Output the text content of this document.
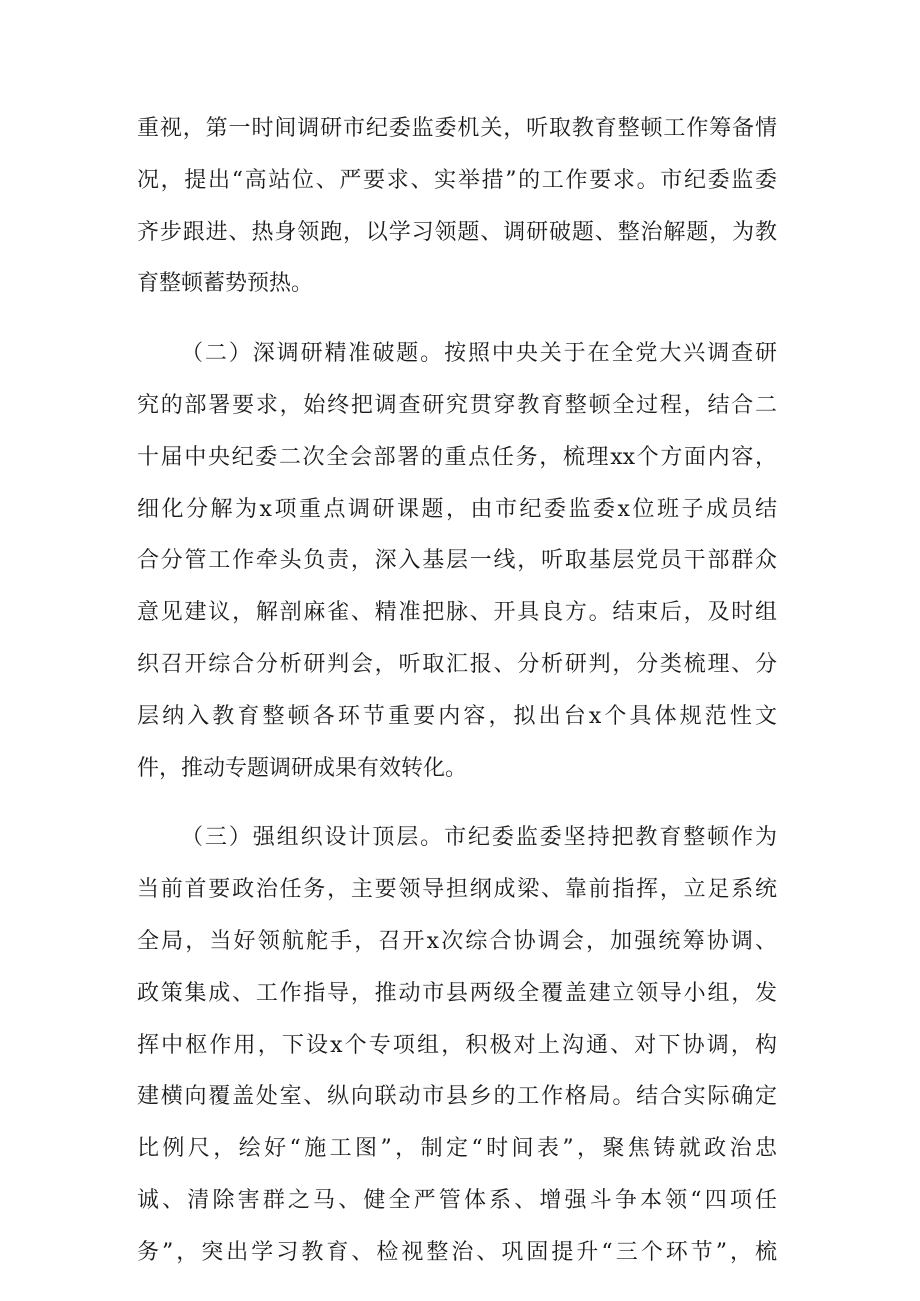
重视，第一时间调研市纪委监委机关，听取教育整顿工作筹备情
况，提出“高站位、严要求、实举措”的工作要求。市纪委监委
齐步跟进、热身领跑，以学习领题、调研破题、整治解题，为教
育整顿蓄势预热。
（二）深调研精准破题。按照中央关于在全党大兴调查研
究的部署要求，始终把调查研究贯穿教育整顿全过程，结合二
十届中央纪委二次全会部署的重点任务，梳理xx个方面内容，
细化分解为x项重点调研课题，由市纪委监委x位班子成员结
合分管工作牵头负责，深入基层一线，听取基层党员干部群众
意见建议，解剖麻雀、精准把脉、开具良方。结束后，及时组
织召开综合分析研判会，听取汇报、分析研判，分类梳理、分
层纳入教育整顿各环节重要内容，拟出台x个具体规范性文
件，推动专题调研成果有效转化。
（三）强组织设计顶层。市纪委监委坚持把教育整顿作为
当前首要政治任务，主要领导担纲成梁、靠前指挥，立足系统
全局，当好领航舵手，召开x次综合协调会，加强统筹协调、
政策集成、工作指导，推动市县两级全覆盖建立领导小组，发
挥中枢作用，下设x个专项组，积极对上沟通、对下协调，构
建横向覆盖处室、纵向联动市县乡的工作格局。结合实际确定
比例尺，绘好“施工图”，制定“时间表”，聚焦铸就政治忠
诚、清除害群之马、健全严管体系、增强斗争本领“四项任
务”，突出学习教育、检视整治、巩固提升“三个环节”，梳
